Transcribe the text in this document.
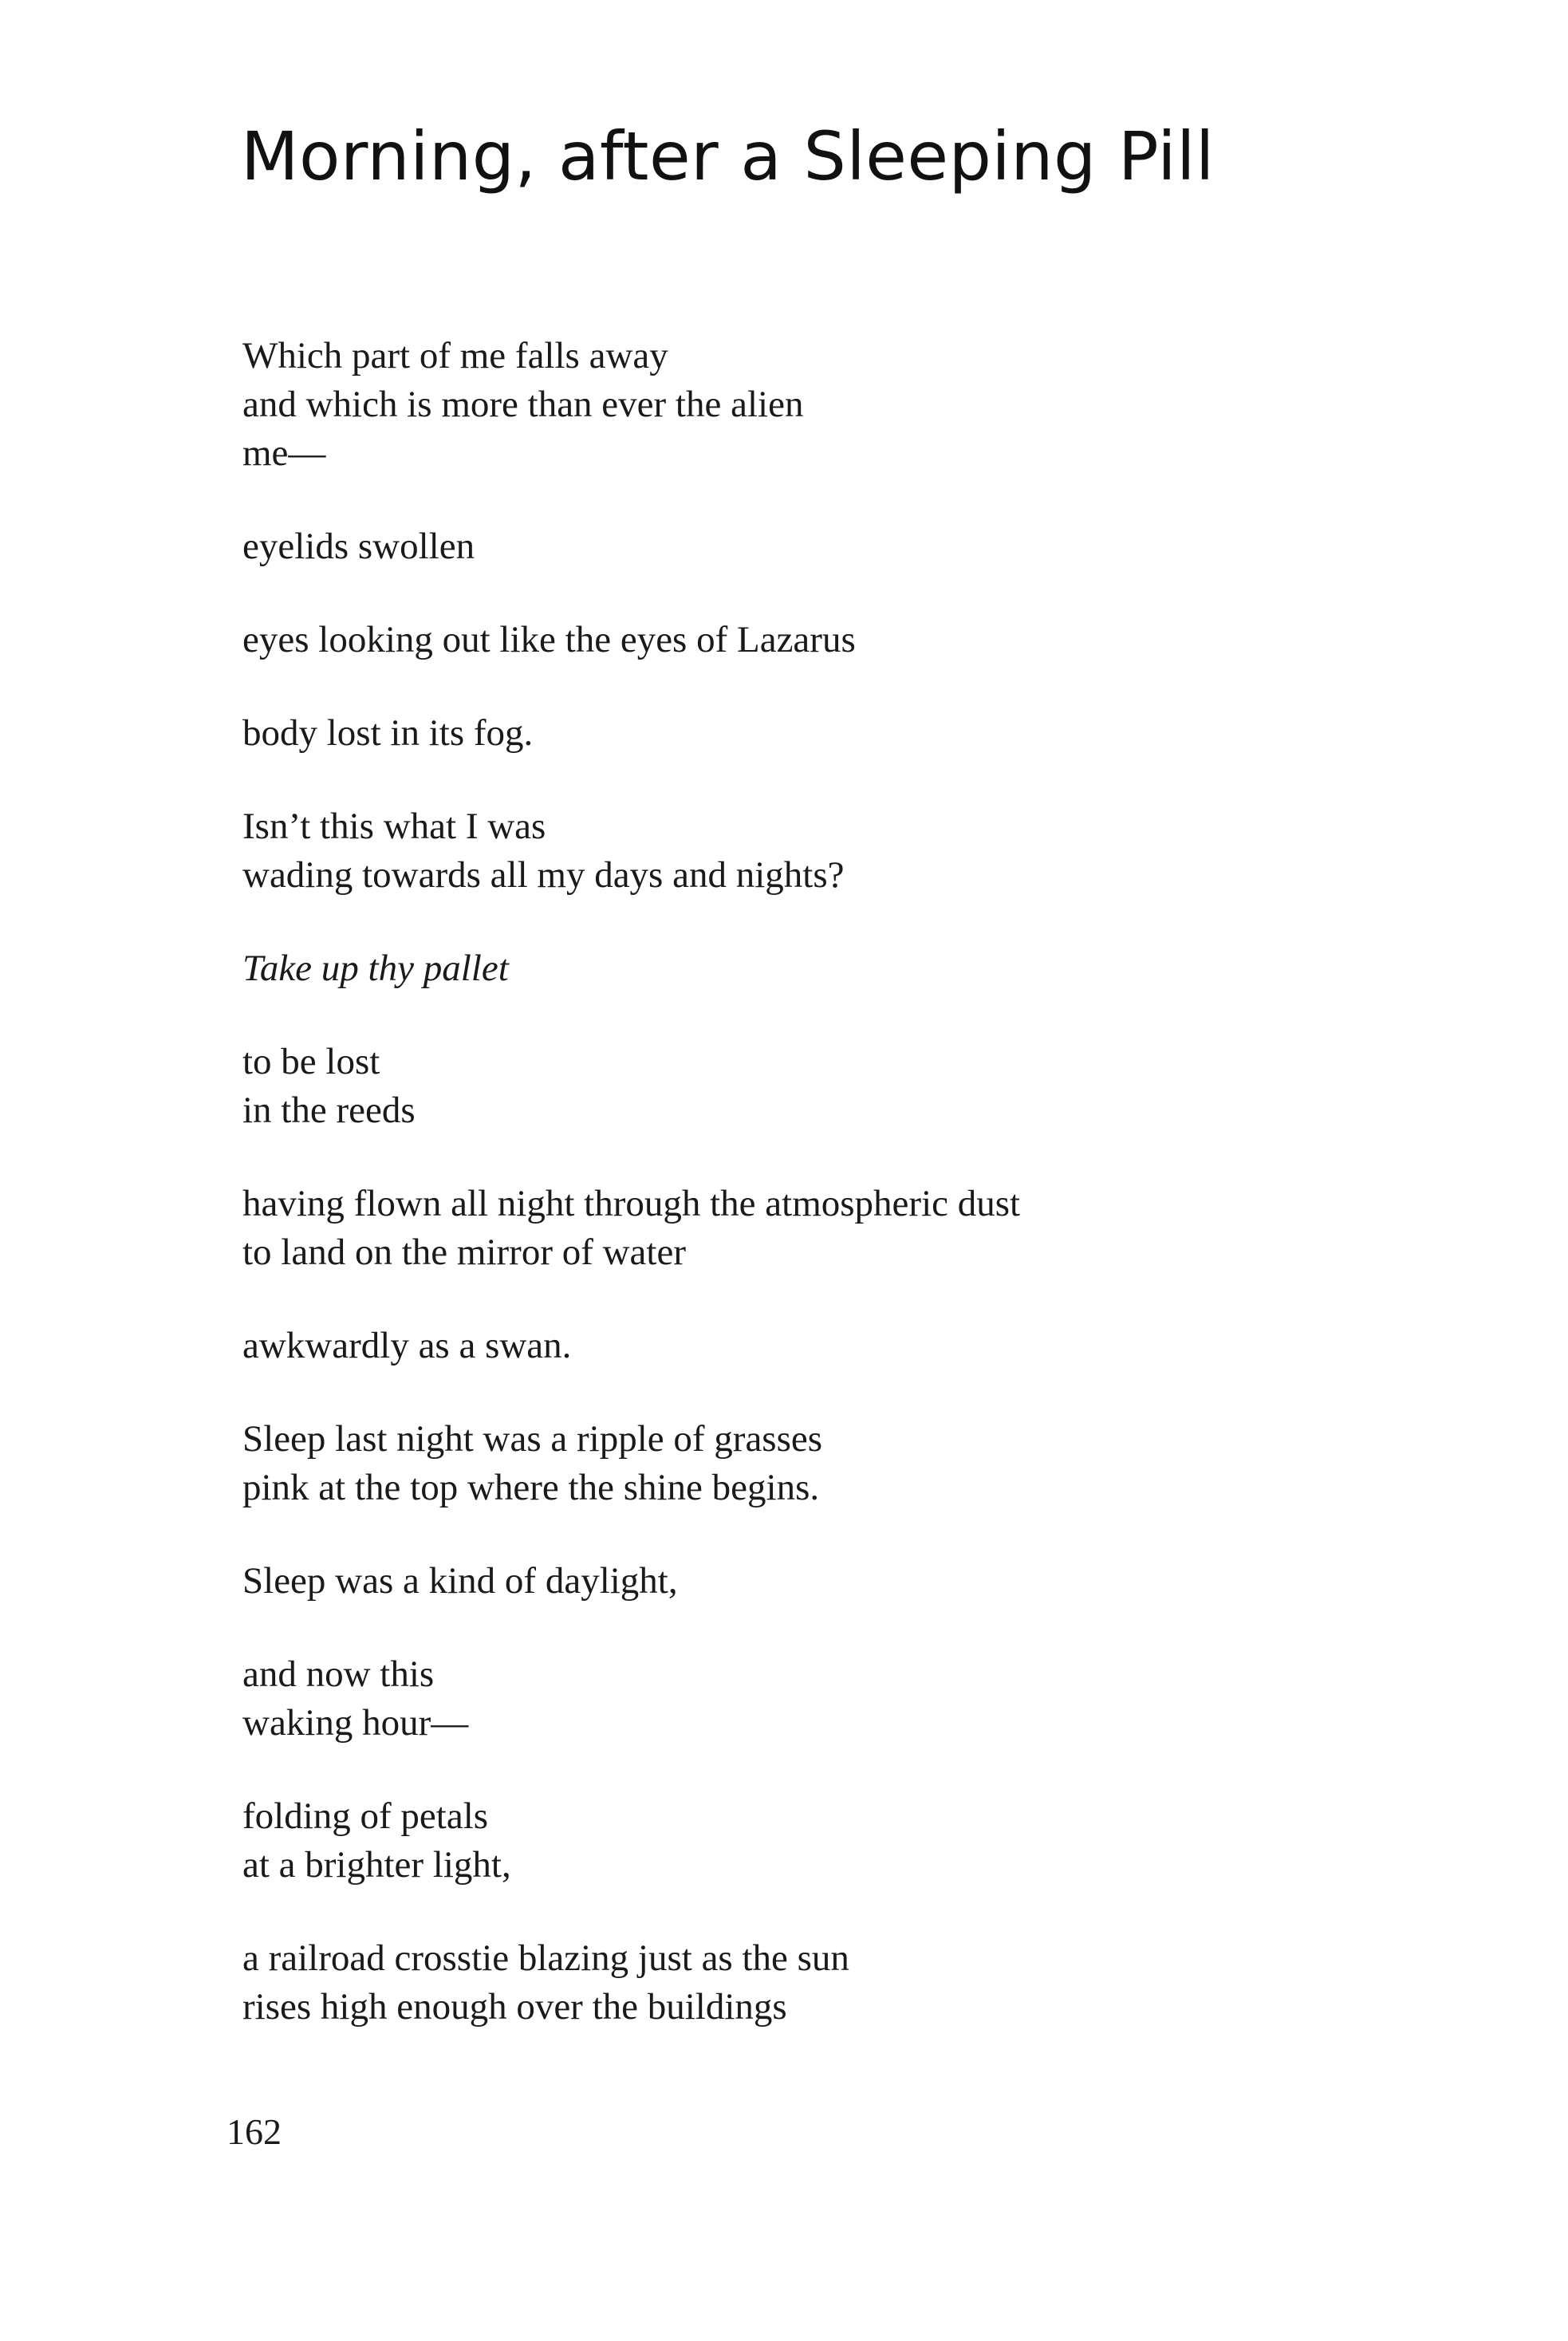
Morning, after a Sleeping Pill
Which part of me falls away
and which is more than ever the alien
me—
eyelids swollen
eyes looking out like the eyes of Lazarus
body lost in its fog.
Isn’t this what I was
wading towards all my days and nights?
Take up thy pallet
to be lost
in the reeds
having flown all night through the atmospheric dust
to land on the mirror of water
awkwardly as a swan.
Sleep last night was a ripple of grasses
pink at the top where the shine begins.
Sleep was a kind of daylight,
and now this
waking hour—
folding of petals
at a brighter light,
a railroad crosstie blazing just as the sun
rises high enough over the buildings
162
